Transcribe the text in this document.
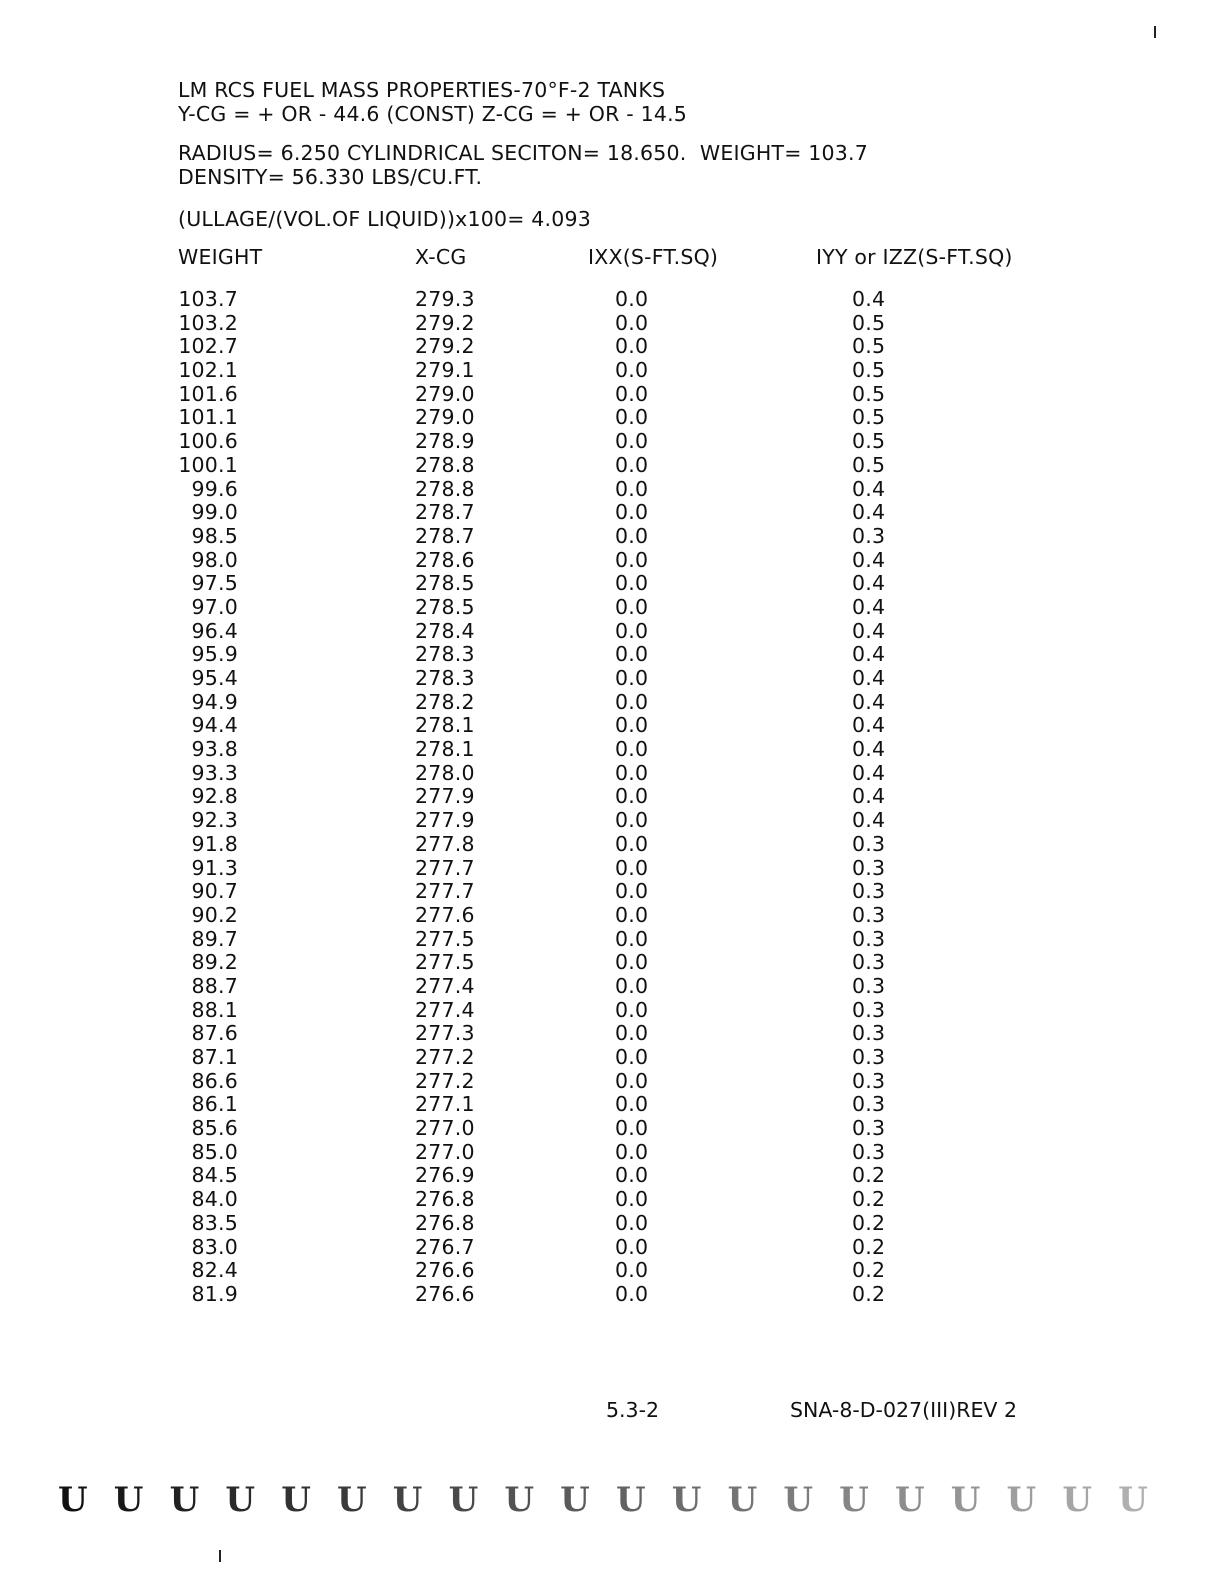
LM RCS FUEL MASS PROPERTIES-70°F-2 TANKS
Y-CG = + OR - 44.6 (CONST) Z-CG = + OR - 14.5
RADIUS= 6.250 CYLINDRICAL SECITON= 18.650.  WEIGHT= 103.7
DENSITY= 56.330 LBS/CU.FT.
(ULLAGE/(VOL.OF LIQUID))x100= 4.093
WEIGHT	X-CG	IXX(S-FT.SQ)	IYY or IZZ(S-FT.SQ)
103.7	279.3	0.0	0.4
103.2	279.2	0.0	0.5
102.7	279.2	0.0	0.5
102.1	279.1	0.0	0.5
101.6	279.0	0.0	0.5
101.1	279.0	0.0	0.5
100.6	278.9	0.0	0.5
100.1	278.8	0.0	0.5
99.6	278.8	0.0	0.4
99.0	278.7	0.0	0.4
98.5	278.7	0.0	0.3
98.0	278.6	0.0	0.4
97.5	278.5	0.0	0.4
97.0	278.5	0.0	0.4
96.4	278.4	0.0	0.4
95.9	278.3	0.0	0.4
95.4	278.3	0.0	0.4
94.9	278.2	0.0	0.4
94.4	278.1	0.0	0.4
93.8	278.1	0.0	0.4
93.3	278.0	0.0	0.4
92.8	277.9	0.0	0.4
92.3	277.9	0.0	0.4
91.8	277.8	0.0	0.3
91.3	277.7	0.0	0.3
90.7	277.7	0.0	0.3
90.2	277.6	0.0	0.3
89.7	277.5	0.0	0.3
89.2	277.5	0.0	0.3
88.7	277.4	0.0	0.3
88.1	277.4	0.0	0.3
87.6	277.3	0.0	0.3
87.1	277.2	0.0	0.3
86.6	277.2	0.0	0.3
86.1	277.1	0.0	0.3
85.6	277.0	0.0	0.3
85.0	277.0	0.0	0.3
84.5	276.9	0.0	0.2
84.0	276.8	0.0	0.2
83.5	276.8	0.0	0.2
83.0	276.7	0.0	0.2
82.4	276.6	0.0	0.2
81.9	276.6	0.0	0.2
5.3-2	SNA-8-D-027(III)REV 2
U U U U U U U U U U U U U U U U U U U U
